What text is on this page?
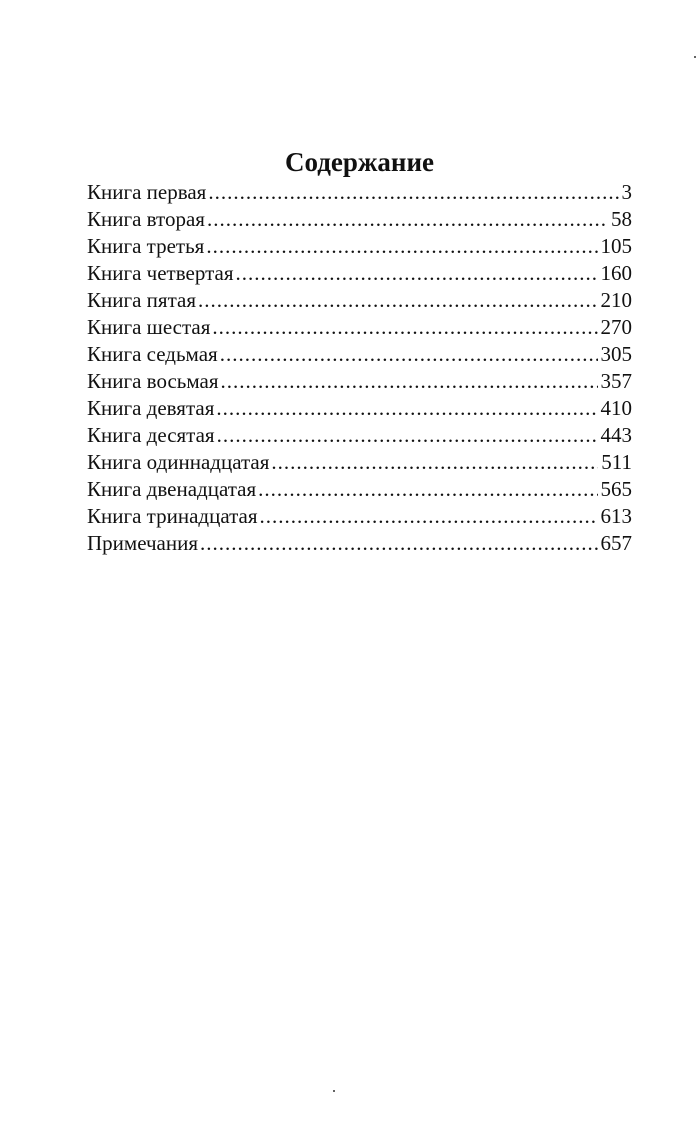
Содержание
Книга первая .....	3
Книга вторая .....	58
Книга третья .....	105
Книга четвертая .....	160
Книга пятая .....	210
Книга шестая .....	270
Книга седьмая .....	305
Книга восьмая .....	357
Книга девятая .....	410
Книга десятая .....	443
Книга одиннадцатая .....	511
Книга двенадцатая .....	565
Книга тринадцатая .....	613
Примечания .....	657
